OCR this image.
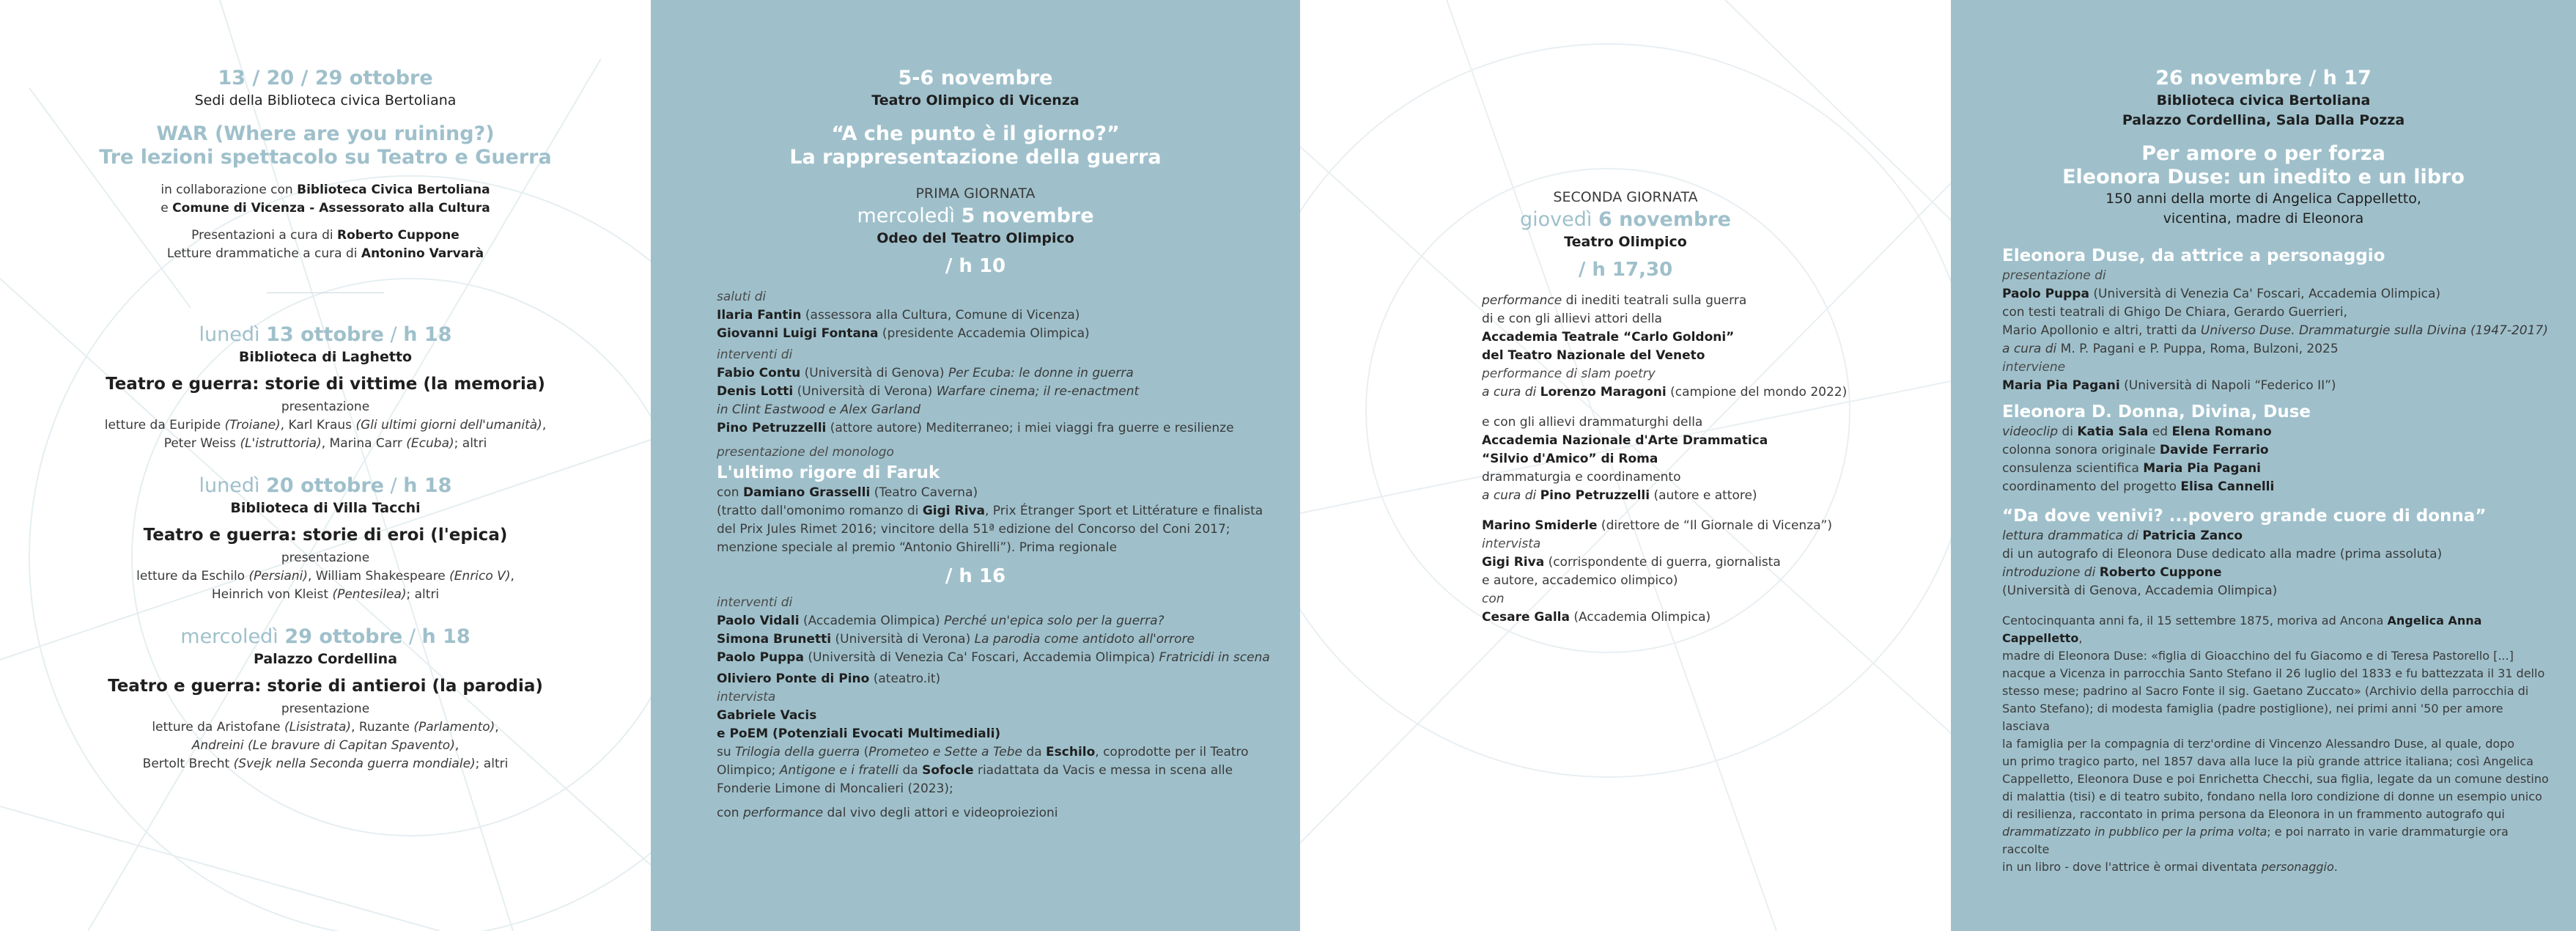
13 / 20 / 29 ottobre
Sedi della Biblioteca civica Bertoliana
WAR (Where are you ruining?)
Tre lezioni spettacolo su Teatro e Guerra
in collaborazione con Biblioteca Civica Bertoliana
e Comune di Vicenza - Assessorato alla Cultura
Presentazioni a cura di Roberto Cuppone
Letture drammatiche a cura di Antonino Varvarà
lunedì 13 ottobre / h 18
Biblioteca di Laghetto
Teatro e guerra: storie di vittime (la memoria)
presentazione
letture da Euripide (Troiane), Karl Kraus (Gli ultimi giorni dell'umanità),
Peter Weiss (L'istruttoria), Marina Carr (Ecuba); altri
lunedì 20 ottobre / h 18
Biblioteca di Villa Tacchi
Teatro e guerra: storie di eroi (l'epica)
presentazione
letture da Eschilo (Persiani), William Shakespeare (Enrico V),
Heinrich von Kleist (Pentesilea); altri
mercoledì 29 ottobre / h 18
Palazzo Cordellina
Teatro e guerra: storie di antieroi (la parodia)
presentazione
letture da Aristofane (Lisistrata), Ruzante (Parlamento),
Andreini (Le bravure di Capitan Spavento),
Bertolt Brecht (Svejk nella Seconda guerra mondiale); altri
5-6 novembre
Teatro Olimpico di Vicenza
“A che punto è il giorno?”
La rappresentazione della guerra
PRIMA GIORNATA
mercoledì 5 novembre
Odeo del Teatro Olimpico
/ h 10
saluti di
Ilaria Fantin (assessora alla Cultura, Comune di Vicenza)
Giovanni Luigi Fontana (presidente Accademia Olimpica)
interventi di
Fabio Contu (Università di Genova) Per Ecuba: le donne in guerra
Denis Lotti (Università di Verona) Warfare cinema; il re-enactment
in Clint Eastwood e Alex Garland
Pino Petruzzelli (attore autore) Mediterraneo; i miei viaggi fra guerre e resilienze
presentazione del monologo
L'ultimo rigore di Faruk
con Damiano Grasselli (Teatro Caverna)
(tratto dall'omonimo romanzo di Gigi Riva, Prix Étranger Sport et Littérature e finalista
del Prix Jules Rimet 2016; vincitore della 51ª edizione del Concorso del Coni 2017;
menzione speciale al premio “Antonio Ghirelli”). Prima regionale
/ h 16
interventi di
Paolo Vidali (Accademia Olimpica) Perché un'epica solo per la guerra?
Simona Brunetti (Università di Verona) La parodia come antidoto all'orrore
Paolo Puppa (Università di Venezia Ca' Foscari, Accademia Olimpica) Fratricidi in scena
Oliviero Ponte di Pino (ateatro.it)
intervista
Gabriele Vacis
e PoEM (Potenziali Evocati Multimediali)
su Trilogia della guerra (Prometeo e Sette a Tebe da Eschilo, coprodotte per il Teatro
Olimpico; Antigone e i fratelli da Sofocle riadattata da Vacis e messa in scena alle
Fonderie Limone di Moncalieri (2023);
con performance dal vivo degli attori e videoproiezioni
SECONDA GIORNATA
giovedì 6 novembre
Teatro Olimpico
/ h 17,30
performance di inediti teatrali sulla guerra
di e con gli allievi attori della
Accademia Teatrale “Carlo Goldoni”
del Teatro Nazionale del Veneto
performance di slam poetry
a cura di Lorenzo Maragoni (campione del mondo 2022)
e con gli allievi drammaturghi della
Accademia Nazionale d'Arte Drammatica
“Silvio d'Amico” di Roma
drammaturgia e coordinamento
a cura di Pino Petruzzelli (autore e attore)
Marino Smiderle (direttore de “Il Giornale di Vicenza”)
intervista
Gigi Riva (corrispondente di guerra, giornalista
e autore, accademico olimpico)
con
Cesare Galla (Accademia Olimpica)
26 novembre / h 17
Biblioteca civica Bertoliana
Palazzo Cordellina, Sala Dalla Pozza
Per amore o per forza
Eleonora Duse: un inedito e un libro
150 anni della morte di Angelica Cappelletto,
vicentina, madre di Eleonora
Eleonora Duse, da attrice a personaggio
presentazione di
Paolo Puppa (Università di Venezia Ca' Foscari, Accademia Olimpica)
con testi teatrali di Ghigo De Chiara, Gerardo Guerrieri,
Mario Apollonio e altri, tratti da Universo Duse. Drammaturgie sulla Divina (1947-2017)
a cura di M. P. Pagani e P. Puppa, Roma, Bulzoni, 2025
interviene
Maria Pia Pagani (Università di Napoli “Federico II”)
Eleonora D. Donna, Divina, Duse
videoclip di Katia Sala ed Elena Romano
colonna sonora originale Davide Ferrario
consulenza scientifica Maria Pia Pagani
coordinamento del progetto Elisa Cannelli
“Da dove venivi? ...povero grande cuore di donna”
lettura drammatica di Patricia Zanco
di un autografo di Eleonora Duse dedicato alla madre (prima assoluta)
introduzione di Roberto Cuppone
(Università di Genova, Accademia Olimpica)
Centocinquanta anni fa, il 15 settembre 1875, moriva ad Ancona Angelica Anna Cappelletto,
madre di Eleonora Duse: «figlia di Gioacchino del fu Giacomo e di Teresa Pastorello [...]
nacque a Vicenza in parrocchia Santo Stefano il 26 luglio del 1833 e fu battezzata il 31 dello
stesso mese; padrino al Sacro Fonte il sig. Gaetano Zuccato» (Archivio della parrocchia di
Santo Stefano); di modesta famiglia (padre postiglione), nei primi anni '50 per amore lasciava
la famiglia per la compagnia di terz'ordine di Vincenzo Alessandro Duse, al quale, dopo
un primo tragico parto, nel 1857 dava alla luce la più grande attrice italiana; così Angelica
Cappelletto, Eleonora Duse e poi Enrichetta Checchi, sua figlia, legate da un comune destino
di malattia (tisi) e di teatro subito, fondano nella loro condizione di donne un esempio unico
di resilienza, raccontato in prima persona da Eleonora in un frammento autografo qui
drammatizzato in pubblico per la prima volta; e poi narrato in varie drammaturgie ora raccolte
in un libro - dove l'attrice è ormai diventata personaggio.
